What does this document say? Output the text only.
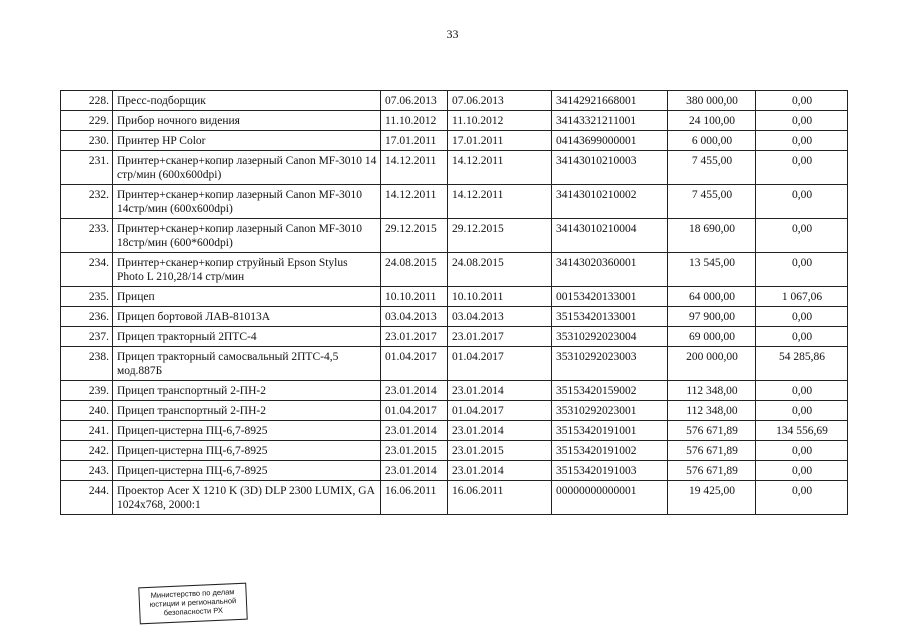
33
228.	Пресс-подборщик	07.06.2013	07.06.2013	34142921668001	380 000,00	0,00
229.	Прибор ночного видения	11.10.2012	11.10.2012	34143321211001	24 100,00	0,00
230.	Принтер HP Color	17.01.2011	17.01.2011	04143699000001	6 000,00	0,00
231.	Принтер+сканер+копир лазерный Canon MF-3010 14 стр/мин (600x600dpi)	14.12.2011	14.12.2011	34143010210003	7 455,00	0,00
232.	Принтер+сканер+копир лазерный Canon MF-3010 14стр/мин (600x600dpi)	14.12.2011	14.12.2011	34143010210002	7 455,00	0,00
233.	Принтер+сканер+копир лазерный Canon MF-3010 18стр/мин (600*600dpi)	29.12.2015	29.12.2015	34143010210004	18 690,00	0,00
234.	Принтер+сканер+копир струйный Epson Stylus Photo L 210,28/14 стр/мин	24.08.2015	24.08.2015	34143020360001	13 545,00	0,00
235.	Прицеп	10.10.2011	10.10.2011	00153420133001	64 000,00	1 067,06
236.	Прицеп бортовой ЛАВ-81013А	03.04.2013	03.04.2013	35153420133001	97 900,00	0,00
237.	Прицеп тракторный 2ПТС-4	23.01.2017	23.01.2017	35310292023004	69 000,00	0,00
238.	Прицеп тракторный самосвальный 2ПТС-4,5 мод.887Б	01.04.2017	01.04.2017	35310292023003	200 000,00	54 285,86
239.	Прицеп транспортный 2-ПН-2	23.01.2014	23.01.2014	35153420159002	112 348,00	0,00
240.	Прицеп транспортный 2-ПН-2	01.04.2017	01.04.2017	35310292023001	112 348,00	0,00
241.	Прицеп-цистерна ПЦ-6,7-8925	23.01.2014	23.01.2014	35153420191001	576 671,89	134 556,69
242.	Прицеп-цистерна ПЦ-6,7-8925	23.01.2015	23.01.2015	35153420191002	576 671,89	0,00
243.	Прицеп-цистерна ПЦ-6,7-8925	23.01.2014	23.01.2014	35153420191003	576 671,89	0,00
244.	Проектор Acer X 1210 K (3D) DLP 2300 LUMIX, GA 1024x768, 2000:1	16.06.2011	16.06.2011	00000000000001	19 425,00	0,00
Министерство по делам
юстиции и региональной
безопасности РХ
